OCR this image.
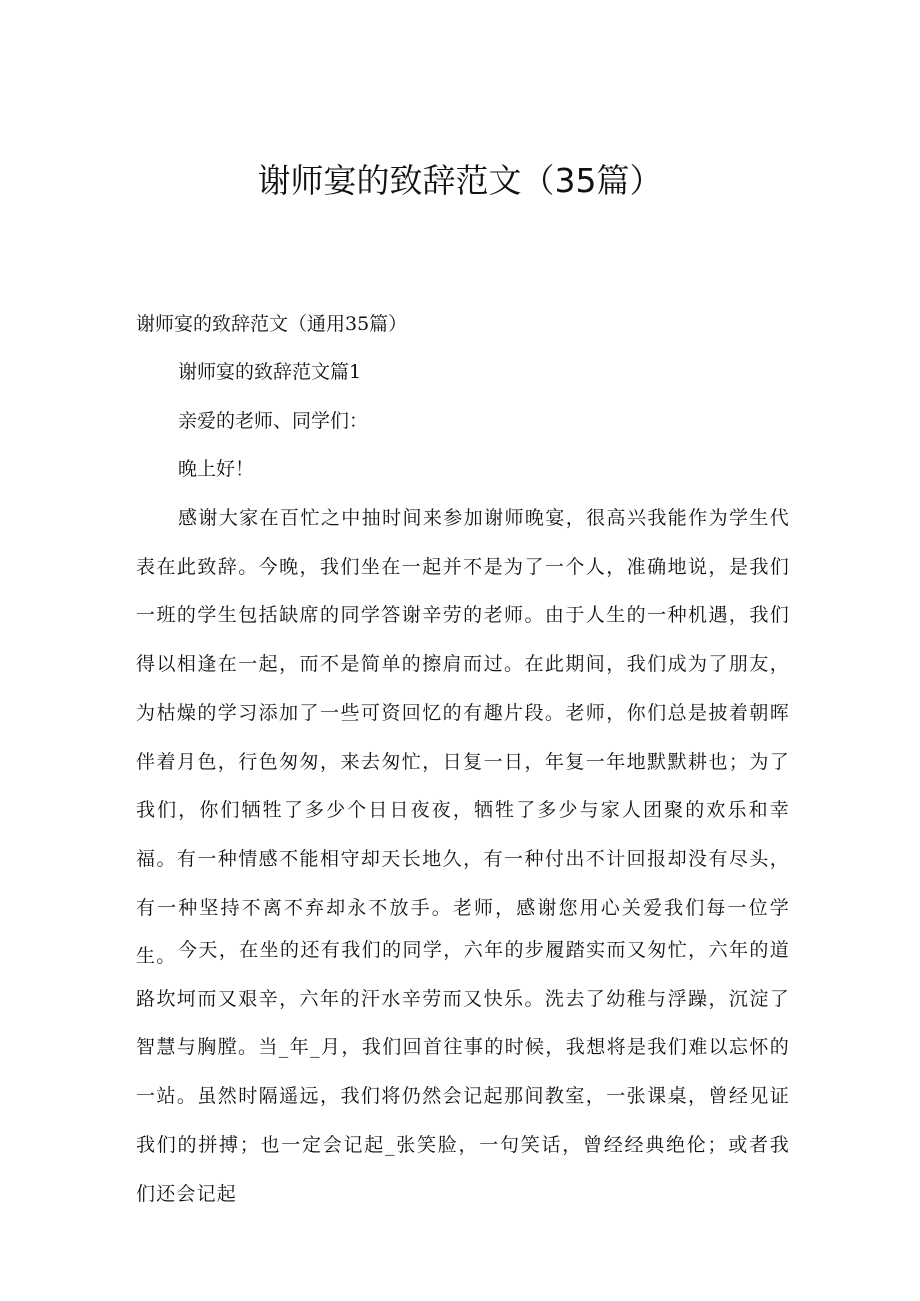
谢师宴的致辞范文（35篇）

谢师宴的致辞范文（通用35篇）

谢师宴的致辞范文篇1

亲爱的老师、同学们：

晚上好！

感谢大家在百忙之中抽时间来参加谢师晚宴，很高兴我能作为学生代表在此致辞。今晚，我们坐在一起并不是为了一个人，准确地说，是我们一班的学生包括缺席的同学答谢辛劳的老师。由于人生的一种机遇，我们得以相逢在一起，而不是简单的擦肩而过。在此期间，我们成为了朋友，为枯燥的学习添加了一些可资回忆的有趣片段。老师，你们总是披着朝晖伴着月色，行色匆匆，来去匆忙，日复一日，年复一年地默默耕也；为了我们，你们牺牲了多少个日日夜夜，牺牲了多少与家人团聚的欢乐和幸福。有一种情感不能相守却天长地久，有一种付出不计回报却没有尽头，有一种坚持不离不弃却永不放手。老师，感谢您用心关爱我们每一位学生。 今天，在坐的还有我们的同学，六年的步履踏实而又匆忙，六年的道路坎坷而又艰辛，六年的汗水辛劳而又快乐。洗去了幼稚与浮躁，沉淀了智慧与胸膛。当_年_月，我们回首往事的时候，我想将是我们难以忘怀的一站。虽然时隔遥远，我们将仍然会记起那间教室，一张课桌，曾经见证我们的拼搏；也一定会记起_张笑脸，一句笑话，曾经经典绝伦；或者我们还会记起
